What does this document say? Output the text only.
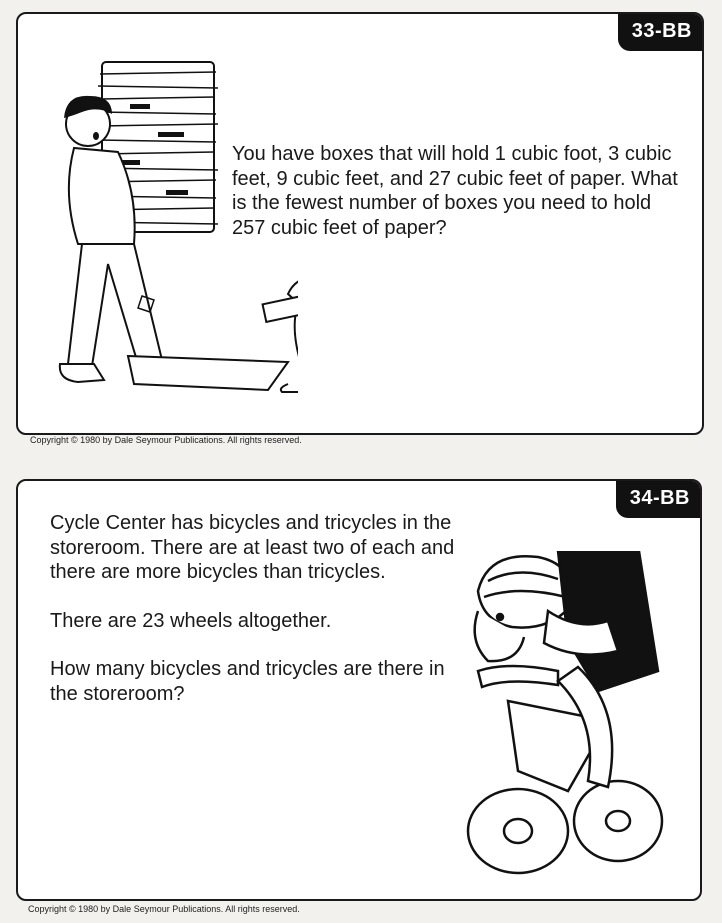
33-BB

You have boxes that will hold 1 cubic foot, 3 cubic feet, 9 cubic feet, and 27 cubic feet of paper. What is the fewest number of boxes you need to hold 257 cubic feet of paper?

Copyright © 1980 by Dale Seymour Publications. All rights reserved.
34-BB

Cycle Center has bicycles and tricycles in the storeroom. There are at least two of each and there are more bicycles than tricycles.

There are 23 wheels altogether.

How many bicycles and tricycles are there in the storeroom?

Copyright © 1980 by Dale Seymour Publications. All rights reserved.
